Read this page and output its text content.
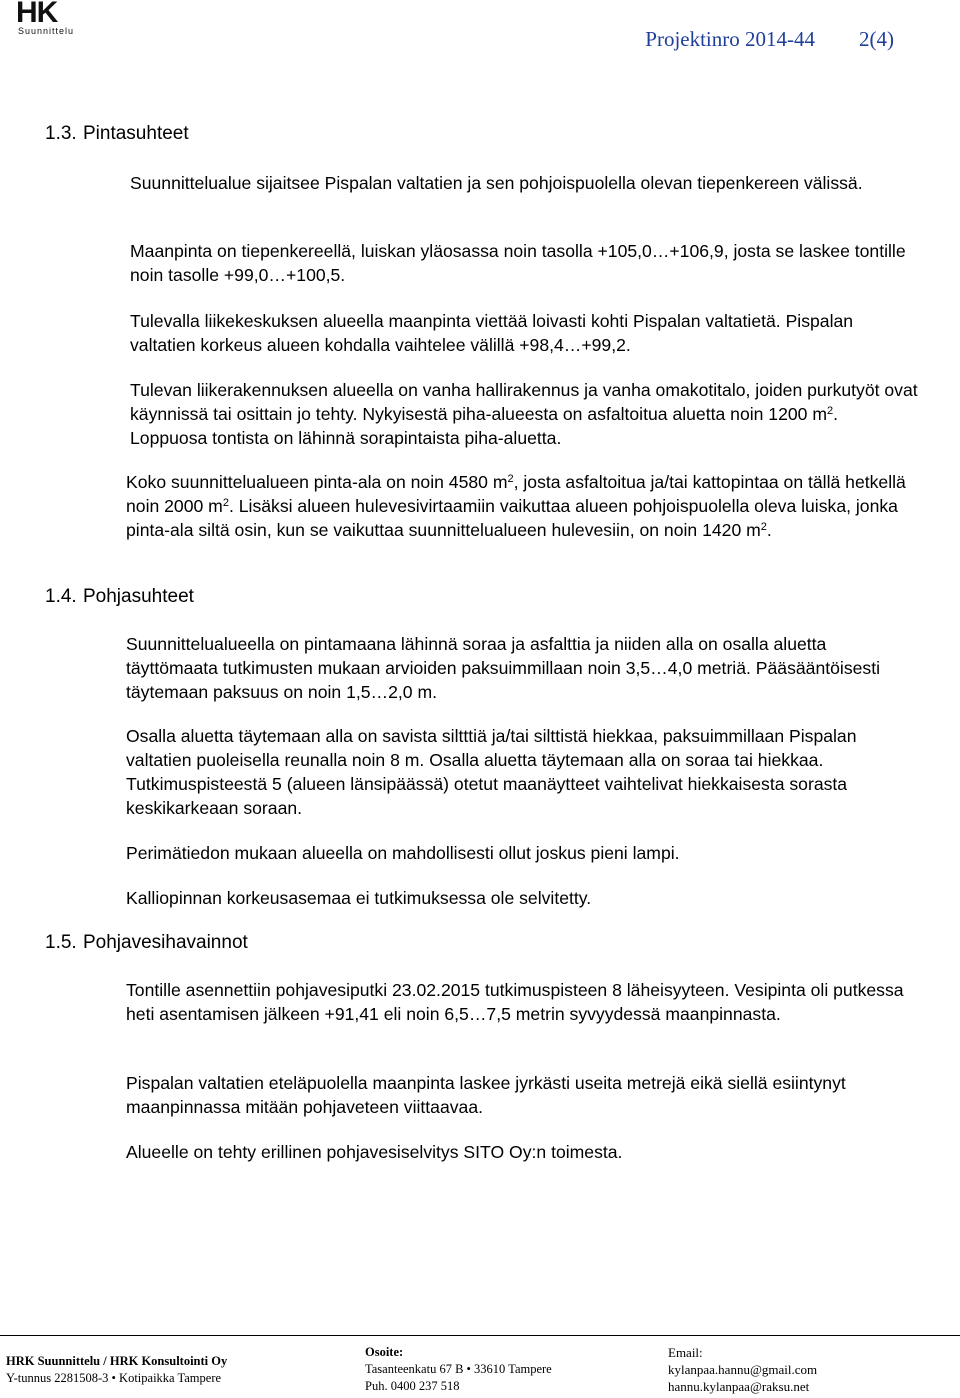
HK
Suunnittelu	Projektinro 2014-44 2(4)
1.3. Pintasuhteet
Suunnittelualue sijaitsee Pispalan valtatien ja sen pohjoispuolella olevan tiepenkereen välissä.
Maanpinta on tiepenkereellä, luiskan yläosassa noin tasolla +105,0…+106,9, josta se laskee tontille noin tasolle +99,0…+100,5.
Tulevalla liikekeskuksen alueella maanpinta viettää loivasti kohti Pispalan valtatietä. Pispalan valtatien korkeus alueen kohdalla vaihtelee välillä +98,4…+99,2.
Tulevan liikerakennuksen alueella on vanha hallirakennus ja vanha omakotitalo, joiden purkutyöt ovat käynnissä tai osittain jo tehty. Nykyisestä piha-alueesta on asfaltoitua aluetta noin 1200 $m^2$. Loppuosa tontista on lähinnä sorapintaista piha-aluetta.
Koko suunnittelualueen pinta-ala on noin 4580 $m^2$, josta asfaltoitua ja/tai kattopintaa on tällä hetkellä noin 2000 $m^2$. Lisäksi alueen hulevesivirtaamiin vaikuttaa alueen pohjoispuolella oleva luiska, jonka pinta-ala siltä osin, kun se vaikuttaa suunnittelualueen hulevesiin, on noin 1420 $m^2$.
1.4. Pohjasuhteet
Suunnittelualueella on pintamaana lähinnä soraa ja asfalttia ja niiden alla on osalla aluetta täyttömaata tutkimusten mukaan arvioiden paksuimmillaan noin 3,5…4,0 metriä. Pääsääntöisesti täytemaan paksuus on noin 1,5…2,0 m.
Osalla aluetta täytemaan alla on savista siltttiä ja/tai silttistä hiekkaa, paksuimmillaan Pispalan valtatien puoleisella reunalla noin 8 m. Osalla aluetta täytemaan alla on soraa tai hiekkaa. Tutkimuspisteestä 5 (alueen länsipäässä) otetut maanäytteet vaihtelivat hiekkaisesta sorasta keskikarkeaan soraan.
Perimätiedon mukaan alueella on mahdollisesti ollut joskus pieni lampi.
Kalliopinnan korkeusasemaa ei tutkimuksessa ole selvitetty.
1.5. Pohjavesihavainnot
Tontille asennettiin pohjavesiputki 23.02.2015 tutkimuspisteen 8 läheisyyteen. Vesipinta oli putkessa heti asentamisen jälkeen +91,41 eli noin 6,5…7,5 metrin syvyydessä maanpinnasta.
Pispalan valtatien eteläpuolella maanpinta laskee jyrkästi useita metrejä eikä siellä esiintynyt maanpinnassa mitään pohjaveteen viittaavaa.
Alueelle on tehty erillinen pohjavesiselvitys SITO Oy:n toimesta.
HRK Suunnittelu / HRK Konsultointi Oy
Y-tunnus 2281508-3 • Kotipaikka Tampere
Osoite:
Tasanteenkatu 67 B • 33610 Tampere
Puh. 0400 237 518
Email:
kylanpaa.hannu@gmail.com
hannu.kylanpaa@raksu.net
